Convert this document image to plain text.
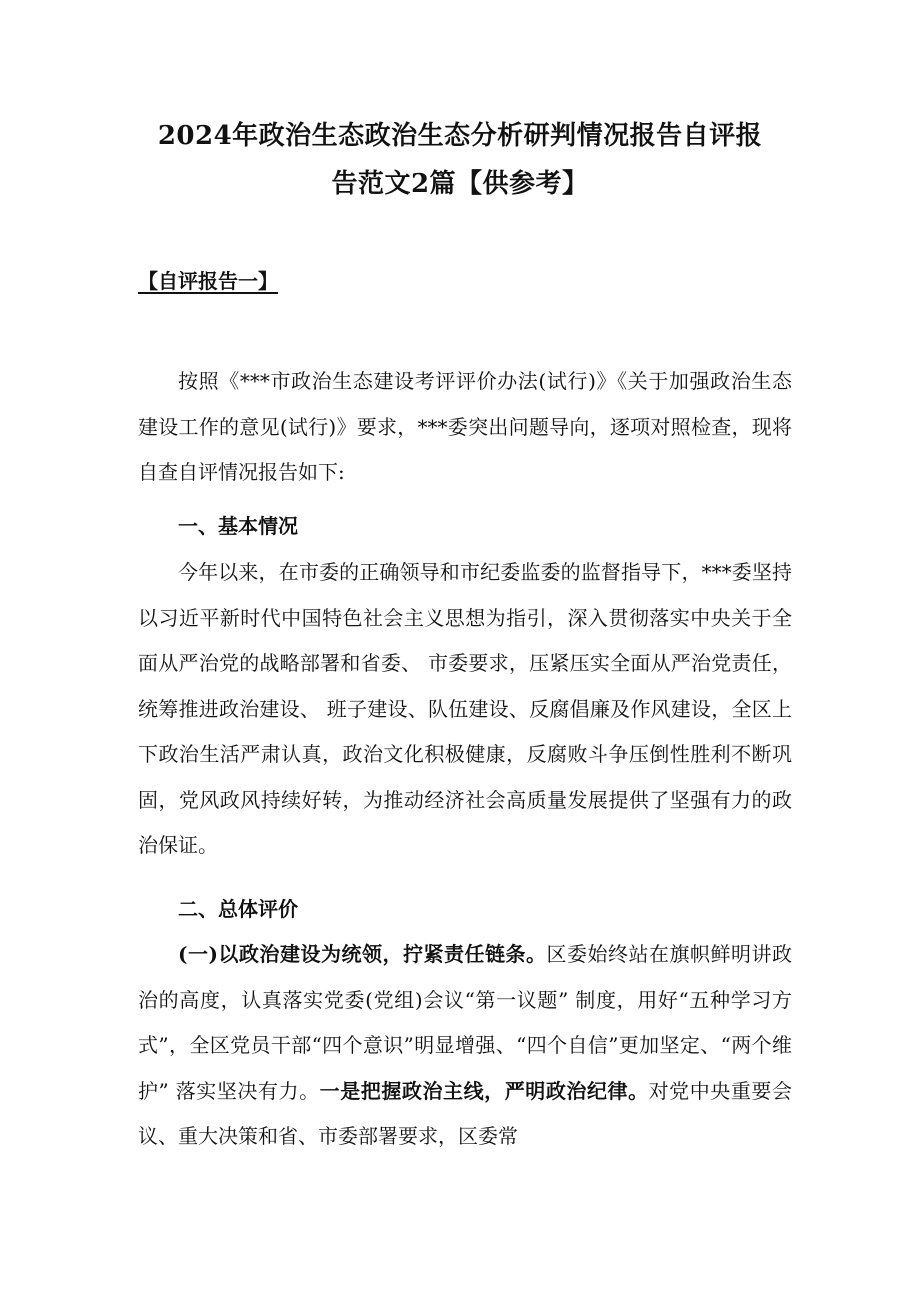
2024年政治生态政治生态分析研判情况报告自评报
告范文2篇【供参考】

【自评报告一】

按照《***市政治生态建设考评评价办法(试行)》《关于加强政治生态建设工作的意见(试行)》要求，***委突出问题导向，逐项对照检查，现将自查自评情况报告如下:

一、基本情况

今年以来，在市委的正确领导和市纪委监委的监督指导下，***委坚持以习近平新时代中国特色社会主义思想为指引，深入贯彻落实中央关于全面从严治党的战略部署和省委、 市委要求，压紧压实全面从严治党责任，统筹推进政治建设、 班子建设、队伍建设、反腐倡廉及作风建设，全区上下政治生活严肃认真，政治文化积极健康，反腐败斗争压倒性胜利不断巩固，党风政风持续好转，为推动经济社会高质量发展提供了坚强有力的政治保证。

二、总体评价

(一)以政治建设为统领，拧紧责任链条。区委始终站在旗帜鲜明讲政治的高度，认真落实党委(党组)会议“第一议题” 制度，用好“五种学习方式”，全区党员干部“四个意识”明显增强、“四个自信”更加坚定、“两个维护” 落实坚决有力。一是把握政治主线，严明政治纪律。对党中央重要会议、重大决策和省、市委部署要求，区委常
